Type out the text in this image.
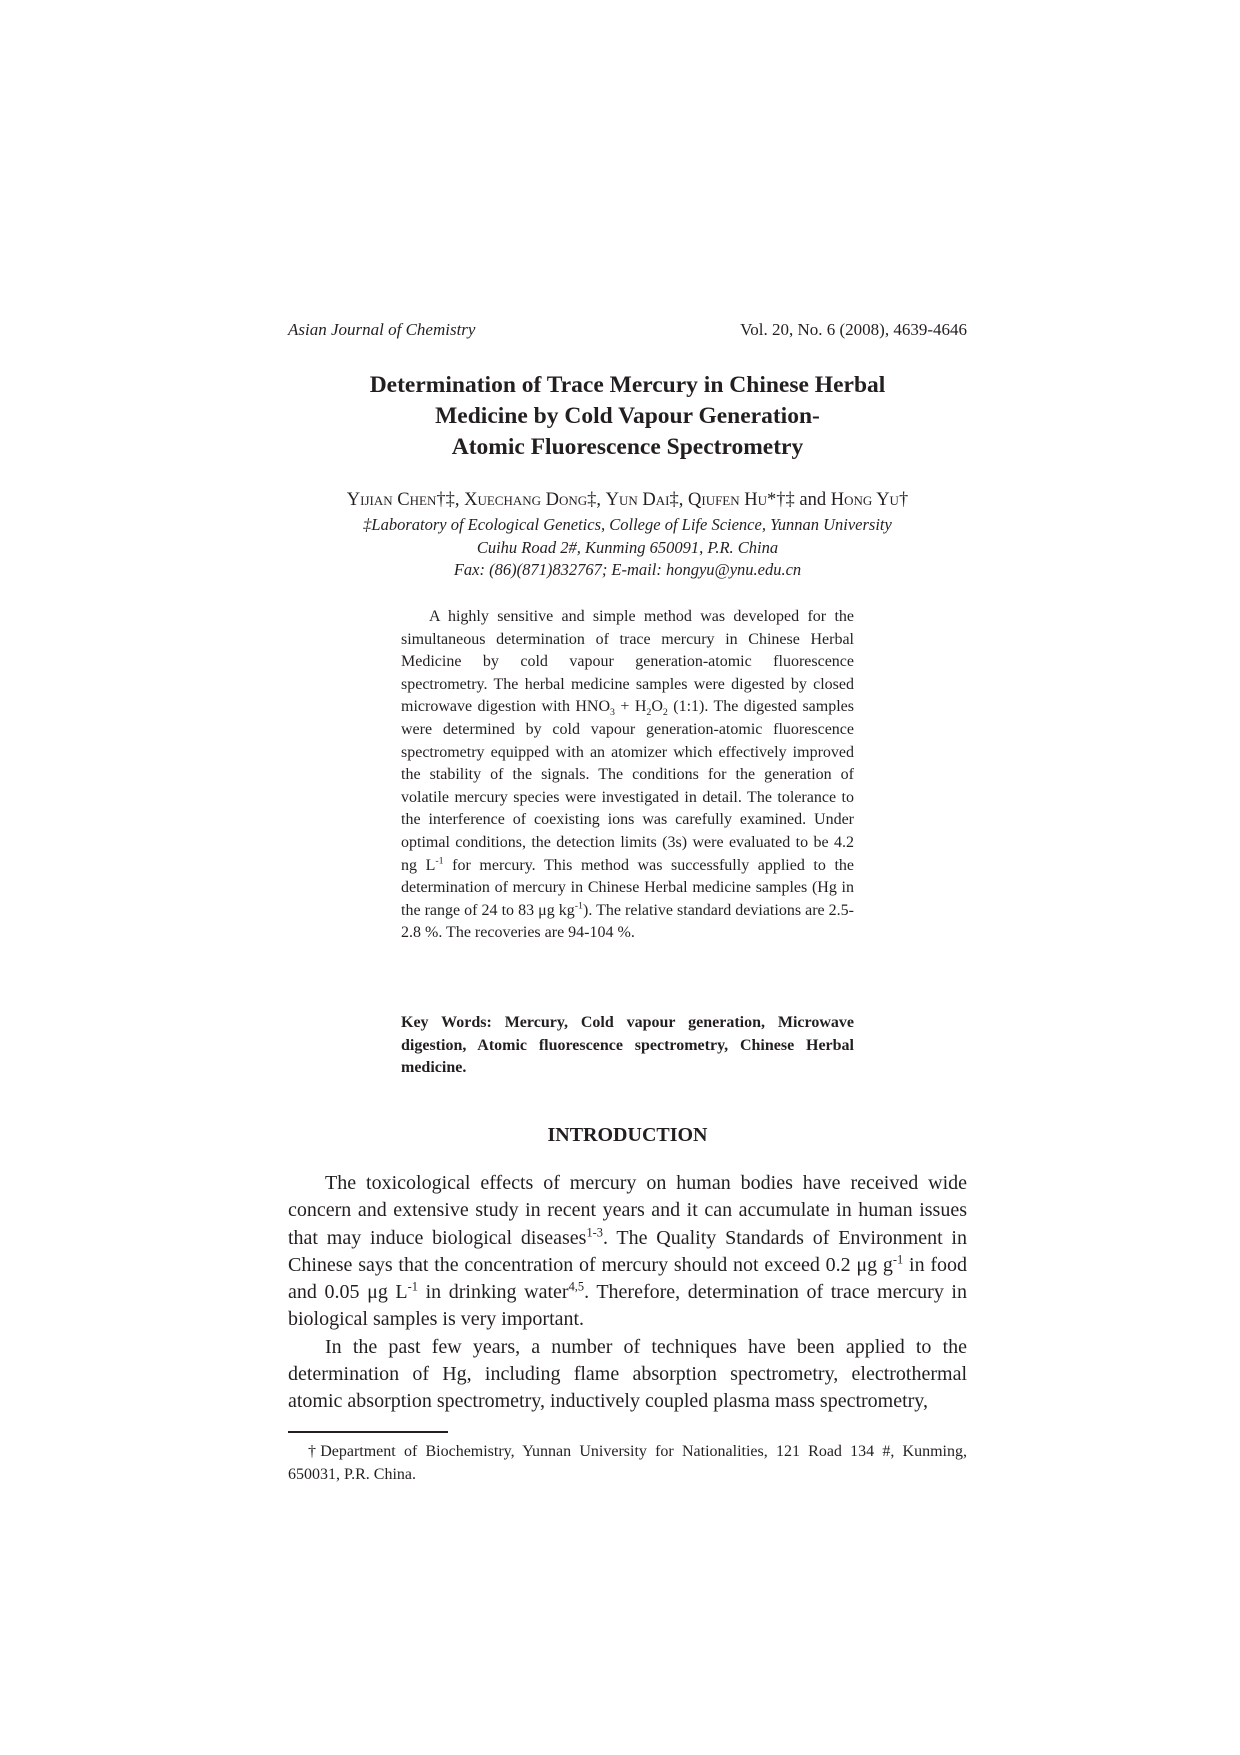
Asian Journal of Chemistry	Vol. 20, No. 6 (2008), 4639-4646
Determination of Trace Mercury in Chinese Herbal
Medicine by Cold Vapour Generation-
Atomic Fluorescence Spectrometry
Yijian Chen†‡, Xuechang Dong‡, Yun Dai‡, Qiufen Hu*†‡ and Hong Yu†
‡Laboratory of Ecological Genetics, College of Life Science, Yunnan University
Cuihu Road 2#, Kunming 650091, P.R. China
Fax: (86)(871)832767; E-mail: hongyu@ynu.edu.cn

A highly sensitive and simple method was developed for the simultaneous determination of trace mercury in Chinese Herbal Medicine by cold vapour generation-atomic fluorescence spectrometry. The herbal medicine samples were digested by closed microwave digestion with $HNO_3 + H_2O_2$ (1:1). The digested samples were determined by cold vapour generation-atomic fluorescence spectrometry equipped with an atomizer which effectively improved the stability of the signals. The conditions for the generation of volatile mercury species were investigated in detail. The tolerance to the interference of coexisting ions was carefully examined. Under optimal conditions, the detection limits (3s) were evaluated to be 4.2 ng $L^{-1}$ for mercury. This method was successfully applied to the determination of mercury in Chinese Herbal medicine samples (Hg in the range of 24 to 83 μg $kg^{-1}$). The relative standard deviations are 2.5-2.8 %. The recoveries are 94-104 %.

Key Words: Mercury, Cold vapour generation, Microwave digestion, Atomic fluorescence spectrometry, Chinese Herbal medicine.
INTRODUCTION

The toxicological effects of mercury on human bodies have received wide concern and extensive study in recent years and it can accumulate in human issues that may induce biological diseases$^{1-3}$. The Quality Standards of Environment in Chinese says that the concentration of mercury should not exceed 0.2 μg $g^{-1}$ in food and 0.05 μg $L^{-1}$ in drinking water$^{4,5}$. Therefore, determination of trace mercury in biological samples is very important.

In the past few years, a number of techniques have been applied to the determination of Hg, including flame absorption spectrometry, electrothermal atomic absorption spectrometry, inductively coupled plasma mass spectrometry,

†Department of Biochemistry, Yunnan University for Nationalities, 121 Road 134 #, Kunming, 650031, P.R. China.
